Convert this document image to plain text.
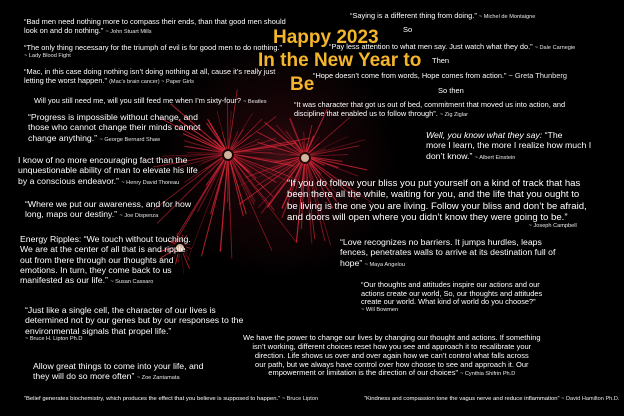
Happy 2023
In the New Year to
Be
So
Then
So then
“Bad men need nothing more to compass their ends, than that good men should
look on and do nothing.” ~ John Stuart Mills
“The only thing necessary for the triumph of evil is for good men to do nothing.”
~ Lady Blood Fight
“Mac, in this case doing nothing isn’t doing nothing at all, cause it’s really just
letting the worst happen.” (Mac’s brain cancer) ~ Paper Girls
Will you still need me, will you still feed me when I’m sixty-four? ~ Beatles
“Progress is impossible without change, and
those who cannot change their minds cannot
change anything.” ~ George Bernard Shaw
I know of no more encouraging fact than the
unquestionable ability of man to elevate his life
by a conscious endeavor.” ~ Henry David Thoreau
“Where we put our awareness, and for how
long, maps our destiny.” ~ Joe Dispenza
Energy Ripples: “We touch without touching.
We are at the center of all that is and ripple
out from there through our thoughts and
emotions. In turn, they come back to us
manifested as our life.” ~ Susan Cassaro
“Just like a single cell, the character of our lives is
determined not by our genes but by our responses to the
environmental signals that propel life.”
~ Bruce H. Lipton Ph.D
Allow great things to come into your life, and
they will do so more often” ~ Zoe Zantamata
“Saying is a different thing from doing.” ~ Michel de Montaigne
“Pay less attention to what men say. Just watch what they do.” ~ Dale Carnegie
“Hope doesn’t come from words, Hope comes from action.” ~ Greta Thunberg
“It was character that got us out of bed, commitment that moved us into action, and
discipline that enabled us to follow through”. ~ Zig Ziglar
Well, you know what they say: “The
more I learn, the more I realize how much I
don’t know.” ~ Albert Einstein
“If you do follow your bliss you put yourself on a kind of track that has
been there all the while, waiting for you, and the life that you ought to
be living is the one you are living. Follow your bliss and don’t be afraid,
and doors will open where you didn’t know they were going to be.”
~ Joseph Campbell
“Love recognizes no barriers. It jumps hurdles, leaps
fences, penetrates walls to arrive at its destination full of
hope” ~ Maya Angelou
“Our thoughts and attitudes inspire our actions and our
actions create our world, So, our thoughts and attitudes
create our world. What kind of world do you choose?”
~ Will Bowmen
We have the power to change our lives by changing our thought and actions. If something
isn’t working, different choices reset how you see and approach it to recalibrate your
direction. Life shows us over and over again how we can’t control what falls across
our path, but we always have control over how choose to see and approach it. Our
empowerment or limitation is the direction of our choices” ~ Cynthia Shifrin Ph.D
“Belief generates biochemistry, which produces the effect that you believe is supposed to happen.” ~ Bruce Lipton	“Kindness and compassion tone the vagus nerve and reduce inflammation” ~ David Hamilton Ph.D.
